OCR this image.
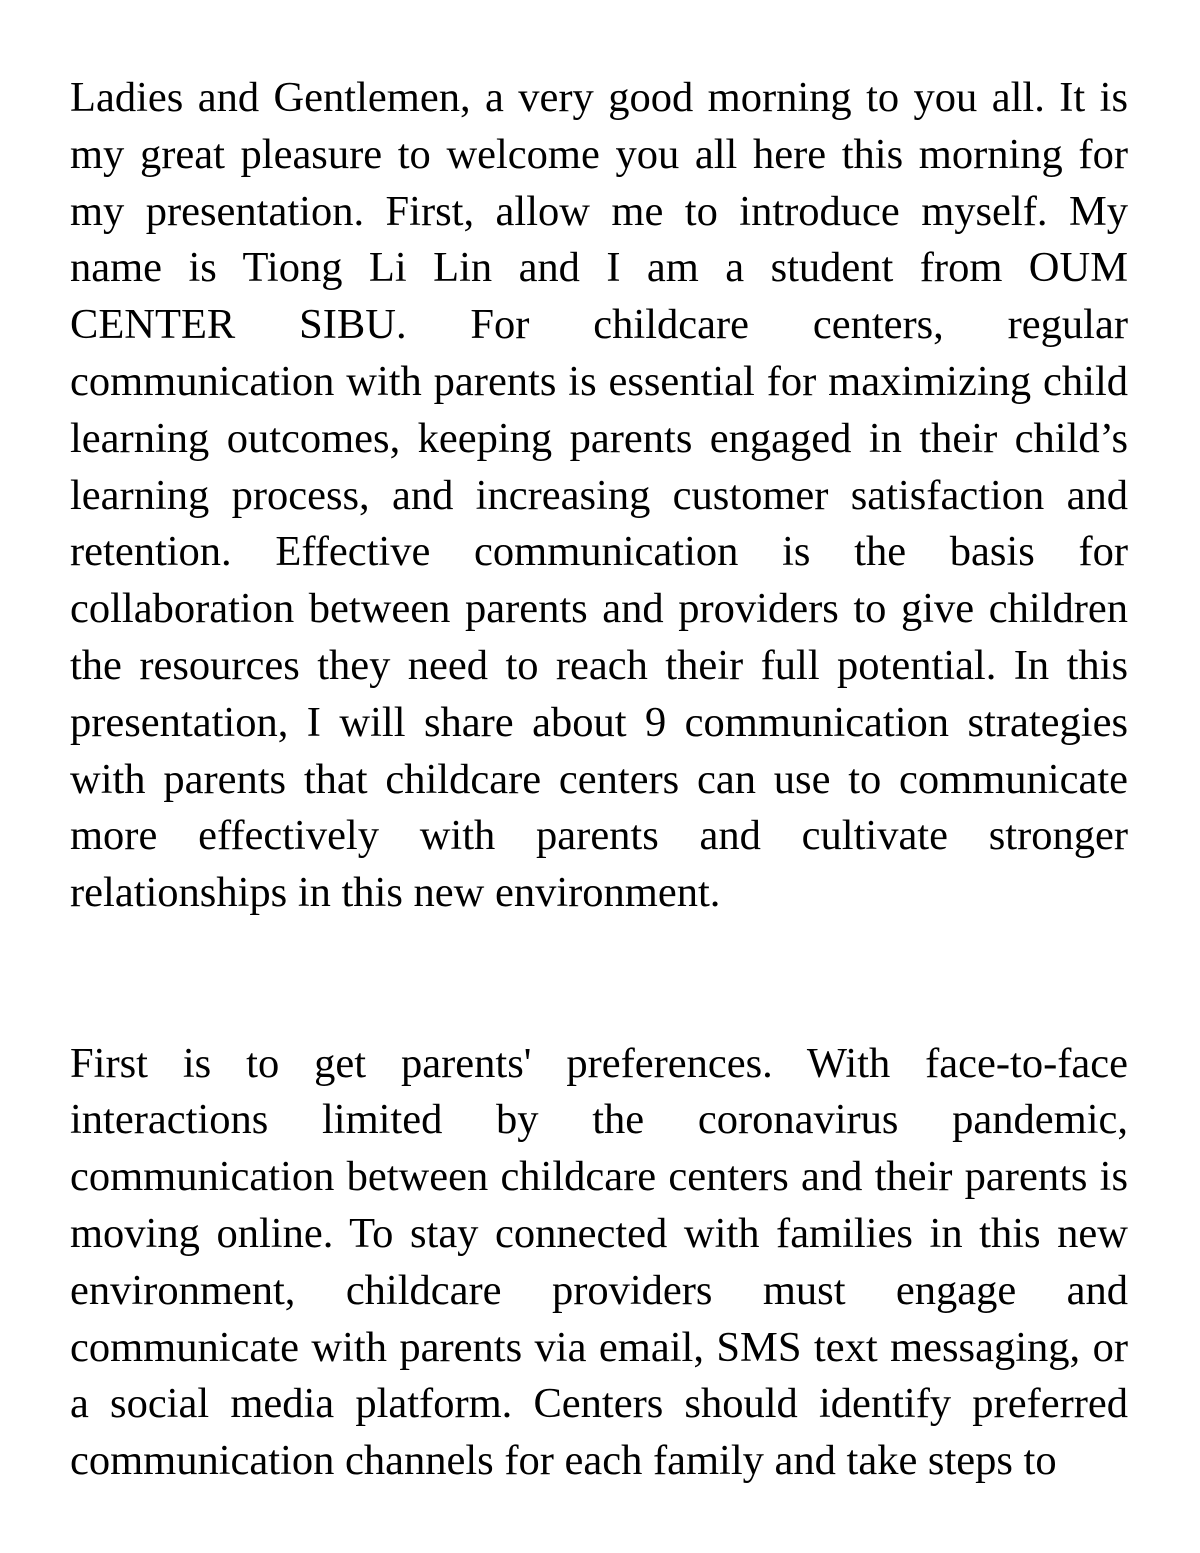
Ladies and Gentlemen, a very good morning to you all. It is my great pleasure to welcome you all here this morning for my presentation. First, allow me to introduce myself. My name is Tiong Li Lin and I am a student from OUM CENTER SIBU. For childcare centers, regular communication with parents is essential for maximizing child learning outcomes, keeping parents engaged in their child’s learning process, and increasing customer satisfaction and retention. Effective communication is the basis for collaboration between parents and providers to give children the resources they need to reach their full potential. In this presentation, I will share about 9 communication strategies with parents that childcare centers can use to communicate more effectively with parents and cultivate stronger relationships in this new environment.

First is to get parents' preferences. With face-to-face interactions limited by the coronavirus pandemic, communication between childcare centers and their parents is moving online. To stay connected with families in this new environment, childcare providers must engage and communicate with parents via email, SMS text messaging, or a social media platform. Centers should identify preferred communication channels for each family and take steps to
